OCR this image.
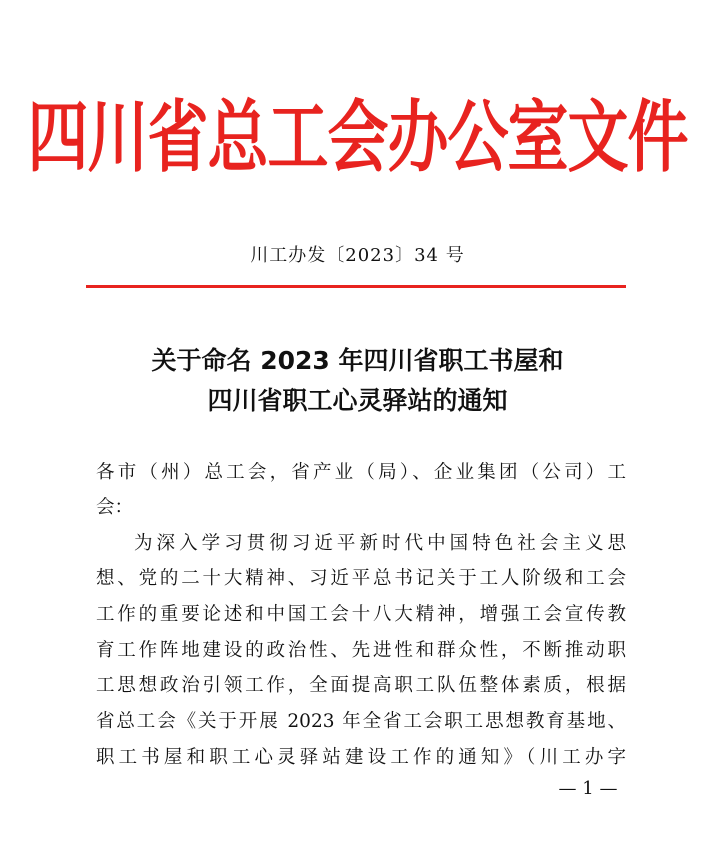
四川省总工会办公室文件
川工办发〔2023〕34 号
关于命名 2023 年四川省职工书屋和
四川省职工心灵驿站的通知
各市（州）总工会，省产业（局）、企业集团（公司）工
会：
为深入学习贯彻习近平新时代中国特色社会主义思
想、党的二十大精神、习近平总书记关于工人阶级和工会
工作的重要论述和中国工会十八大精神，增强工会宣传教
育工作阵地建设的政治性、先进性和群众性，不断推动职
工思想政治引领工作，全面提高职工队伍整体素质，根据
省总工会《关于开展 2023 年全省工会职工思想教育基地、
职工书屋和职工心灵驿站建设工作的通知》（川工办字
— 1 —
